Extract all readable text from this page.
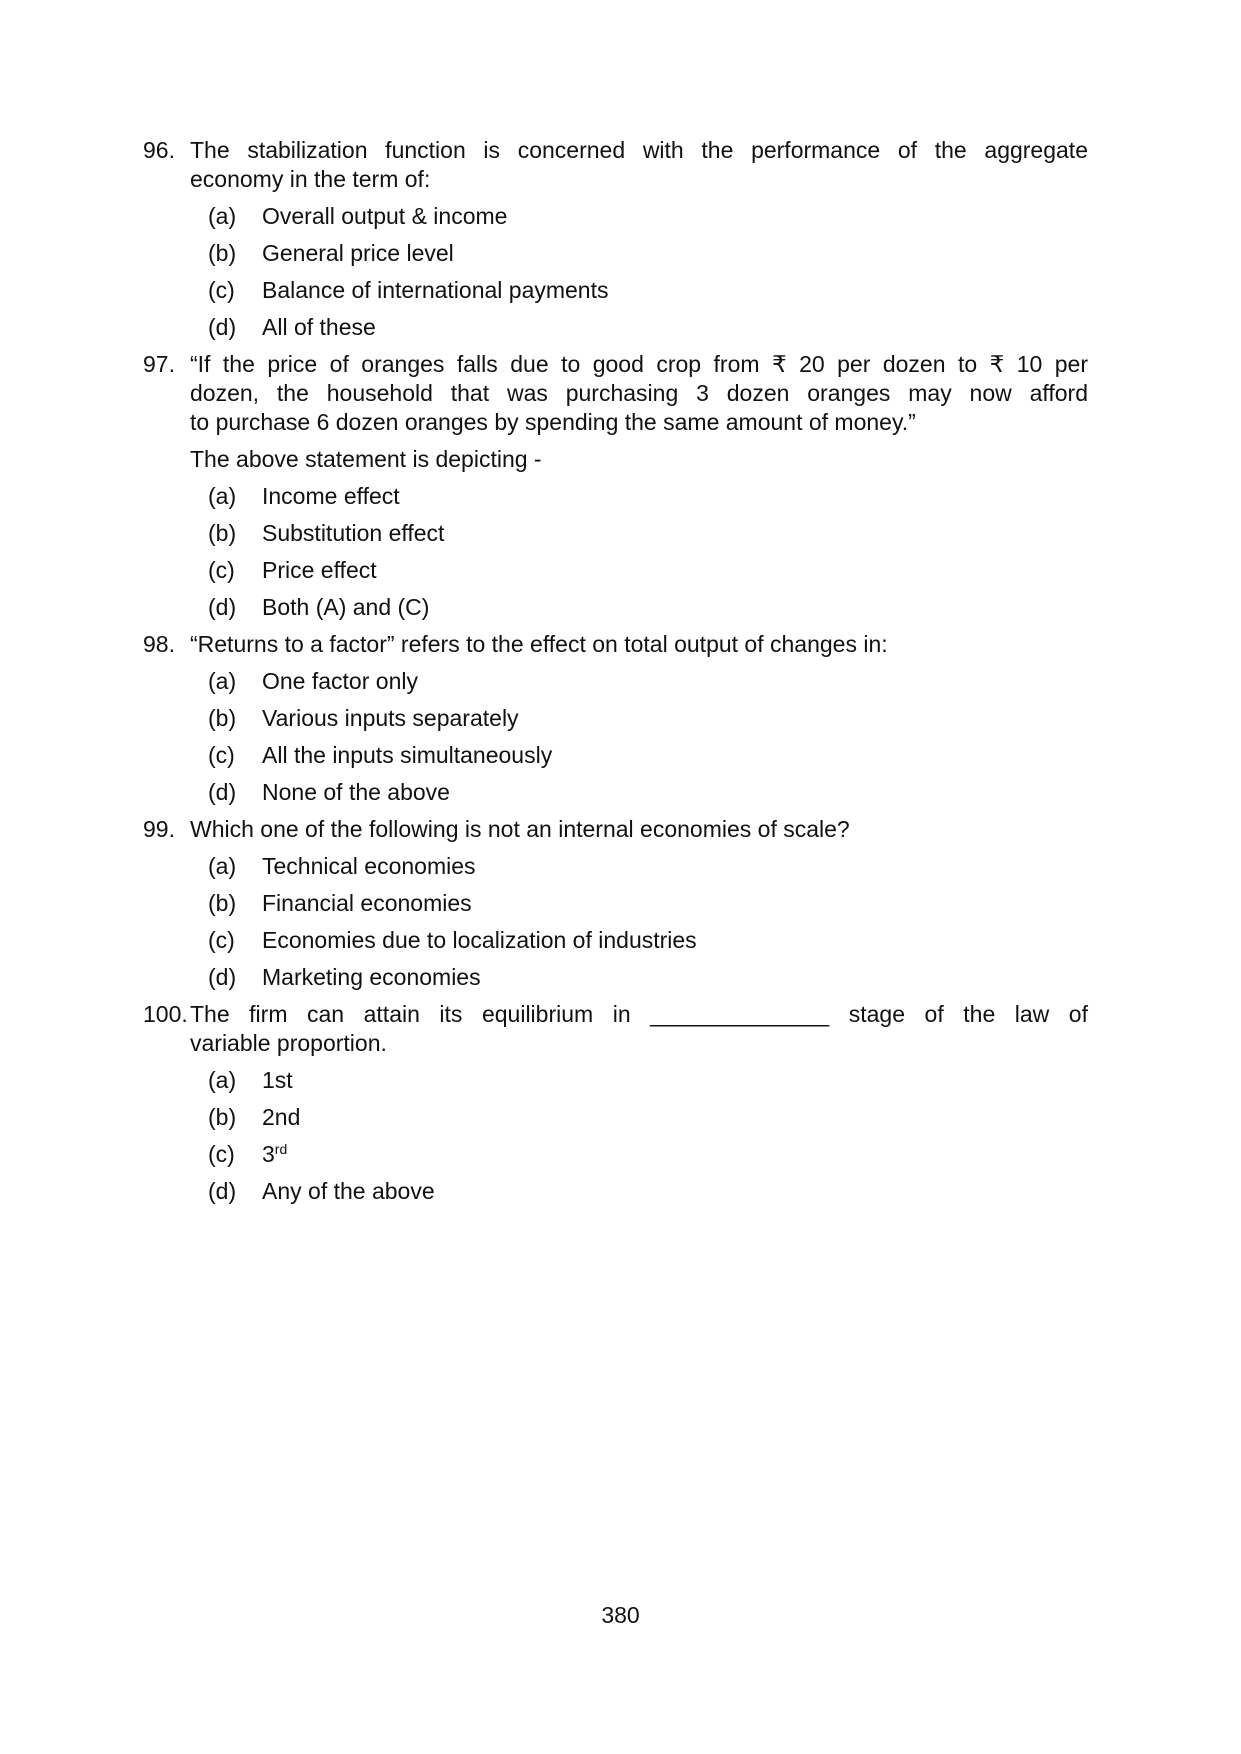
96. The stabilization function is concerned with the performance of the aggregate
economy in the term of:
(a)	Overall output & income
(b)	General price level
(c)	Balance of international payments
(d)	All of these
97. “If the price of oranges falls due to good crop from ₹ 20 per dozen to ₹ 10 per
dozen, the household that was purchasing 3 dozen oranges may now afford
to purchase 6 dozen oranges by spending the same amount of money.”
The above statement is depicting -
(a)	Income effect
(b)	Substitution effect
(c)	Price effect
(d)	Both (A) and (C)
98. “Returns to a factor” refers to the effect on total output of changes in:
(a)	One factor only
(b)	Various inputs separately
(c)	All the inputs simultaneously
(d)	None of the above
99. Which one of the following is not an internal economies of scale?
(a)	Technical economies
(b)	Financial economies
(c)	Economies due to localization of industries
(d)	Marketing economies
100. The firm can attain its equilibrium in ______________ stage of the law of
variable proportion.
(a)	1st
(b)	2nd
(c)	3rd
(d)	Any of the above
380
